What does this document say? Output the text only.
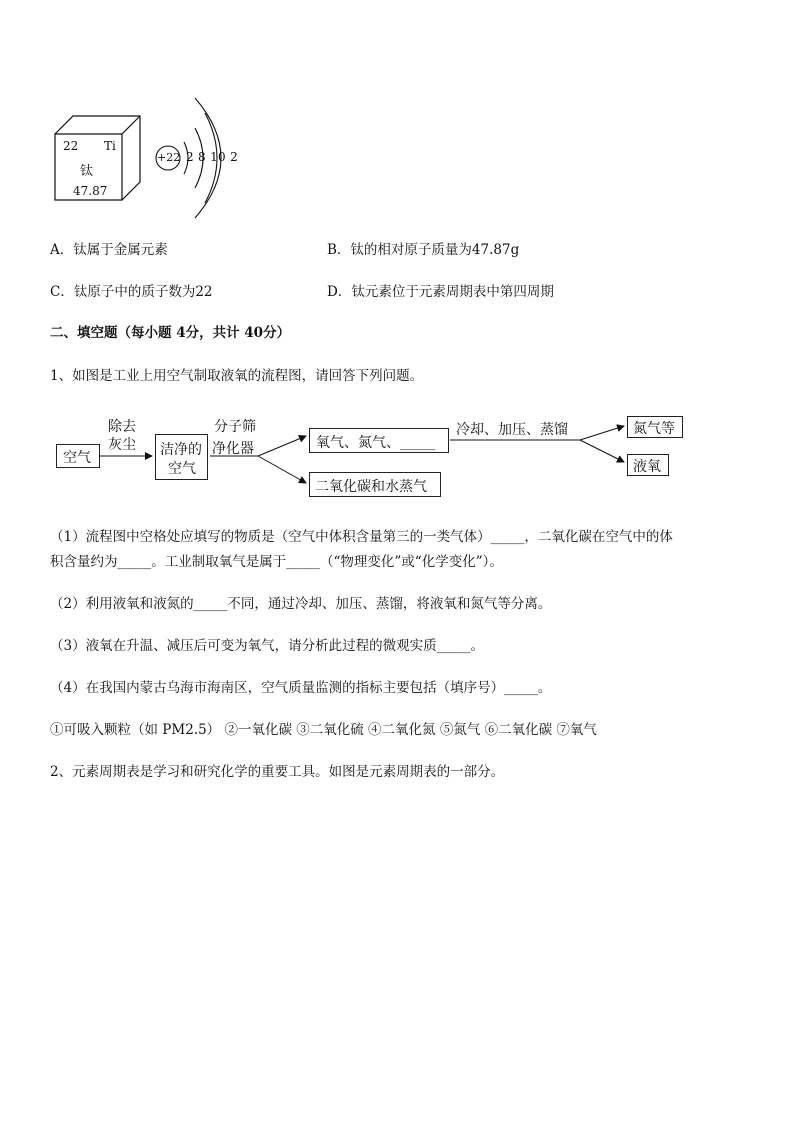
22 Ti
钛
47.87
+22 2 8 10 2
A．钛属于金属元素	B．钛的相对原子质量为47.87g
C．钛原子中的质子数为22	D．钛元素位于元素周期表中第四周期
二、填空题（每小题 4分，共计 40分）
1、如图是工业上用空气制取液氧的流程图，请回答下列问题。
空气
除去
灰尘 洁净的
空气
分子筛
净化器	氧气、氮气、_____
二氧化碳和水蒸气
冷却、加压、蒸馏	氮气等
液氧
（1）流程图中空格处应填写的物质是（空气中体积含量第三的一类气体）_____，二氧化碳在空气中的体
积含量约为_____。工业制取氧气是属于_____（“物理变化”或“化学变化”）。
（2）利用液氧和液氮的_____不同，通过冷却、加压、蒸馏，将液氧和氮气等分离。
（3）液氧在升温、减压后可变为氧气，请分析此过程的微观实质_____。
（4）在我国内蒙古乌海市海南区，空气质量监测的指标主要包括（填序号）_____。
①可吸入颗粒（如 PM2.5） ②一氧化碳 ③二氧化硫 ④二氧化氮 ⑤氮气 ⑥二氧化碳 ⑦氧气
2、元素周期表是学习和研究化学的重要工具。如图是元素周期表的一部分。
